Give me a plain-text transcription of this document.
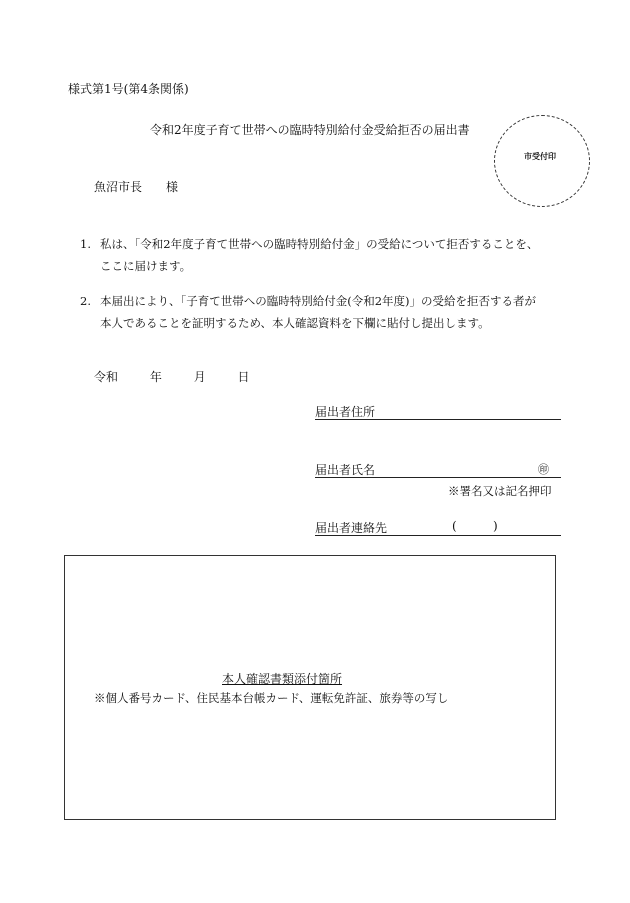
様式第1号(第4条関係)
令和2年度子育て世帯への臨時特別給付金受給拒否の届出書
市受付印
魚沼市長 様
1. 私は、「令和2年度子育て世帯への臨時特別給付金」の受給について拒否することを、
ここに届けます。
2. 本届出により、「子育て世帯への臨時特別給付金(令和2年度)」の受給を拒否する者が
本人であることを証明するため、本人確認資料を下欄に貼付し提出します。
令和	年	月	日
届出者住所
届出者氏名	㊞
※署名又は記名押印
届出者連絡先	(	)
本人確認書類添付箇所
※個人番号カード、住民基本台帳カード、運転免許証、旅券等の写し
